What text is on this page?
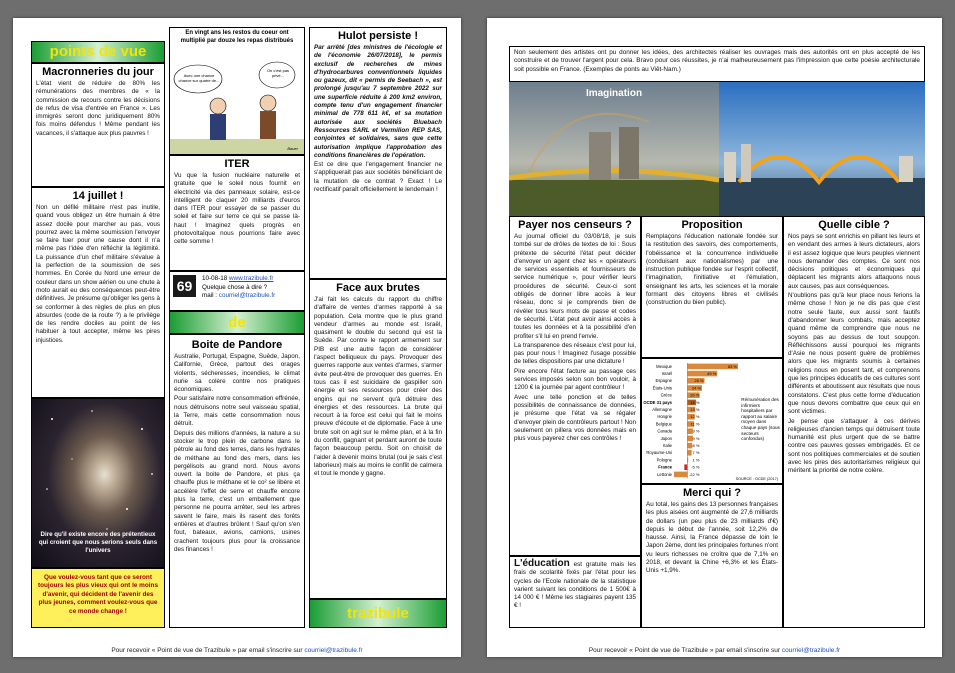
points de vue
Macronneries du jour
L'état vient de réduire de 80% les rémunérations des membres de « la commission de recours contre les décisions de refus de visa d'entrée en France ». Les immigrés seront donc juridiquement 80% fois moins défendus ! Même pendant les vacances, il s'attaque aux plus pauvres !
14 juillet !
Non un défilé militaire n'est pas inutile, quand vous obligez un être humain à être assez docile pour marcher au pas, vous pourrez avec la même soumission l'envoyer se faire tuer pour une cause dont il n'a même pas l'idée d'en réfléchir la légitimité. La puissance d'un chef militaire s'évalue à la perfection de la soumission de ses hommes. En Corée du Nord une erreur de couleur dans un show aérien ou une chute à moto aurait eu des conséquences peut-être définitives. Je présume qu'obliger les gens à se conformer à des règles de plus en plus absurdes (code de la route ?) a le privilège de les rendre dociles au point de les habituer à tout accepter, même les pires injustices.
Dire qu'il existe encore des prétentieux qui croient que nous serions seuls dans l'univers
Que voulez-vous tant que ce seront toujours les plus vieux qui ont le moins d'avenir, qui décident de l'avenir des plus jeunes, comment voulez-vous que ce monde change !
En vingt ans les restos du coeur ont multiplié par douze les repas distribués
Avec une chance chance sur quatre de...
On c'est pas privé...
Bauer
ITER
Vu que la fusion nucléaire naturelle et gratuite que le soleil nous fournit en électricité via des panneaux solaire, est-ce intelligent de claquer 20 milliards d'euros dans ITER pour essayer de se passer du soleil et faire sur terre ce qui se passe là-haut ! Imaginez quels progrès en photovoltaïque nous pourrions faire avec cette somme !
69	10-08-18 www.trazibule.fr
Quelque chose à dire ?
mail : courriel@trazibule.fr
de
Boite de Pandore

Australie, Portugal, Espagne, Suède, Japon, Californie, Grèce, partout des orages violents, sécheresses, incendies, le climat nurie sa colère contre nos pratiques économiques.

Pour satisfaire notre consommation effrénée, nous détruisons notre seul vaisseau spatial, la Terre, mais cette consommation nous détruit.

Depuis des millions d'années, la nature a su stocker le trop plein de carbone dans le pétrole au fond des terres, dans les hydrates de méthane au fond des mers, dans les pergélisols au grand nord. Nous avons ouvert la boite de Pandore, et plus ça chauffe plus le méthane et le co² se libère et accélère l'effet de serre et chauffe encore plus la terre, c'est un emballement que personne ne pourra arrêter, seul les arbres savent le faire, mais ils rasent des forêts entières et d'autres brûlent ! Sauf qu'on s'en fout, bateaux, avions, camions, usines crachent toujours plus pour la croissance des finances !

Hulot persiste !

Par arrêté [des ministres de l'écologie et de l'économie 26/07/2018], le permis exclusif de recherches de mines d'hydrocarbures conventionnels liquides ou gazeux, dit « permis de Seebach », est prolongé jusqu'au 7 septembre 2022 sur une superficie réduite à 200 km2 environ, compte tenu d'un engagement financier minimal de 778 611 k€, et sa mutation autorisée aux sociétés Bluebach Ressources SARL et Vermilion REP SAS, conjointes et solidaires, sans que cette autorisation implique l'approbation des conditions financières de l'opération.

Est ce dire que l'engagement financier ne s'appliquerait pas aux sociétés bénéficiant de la mutation de ce contrat ? Exact ! Le rectificatif paraît officiellement le lendemain !

Face aux brutes
J'ai fait les calculs du rapport du chiffre d'affaire de ventes d'armes rapporté à sa population. Cela montre que le plus grand vendeur d'armes au monde est Israël, quasiment le double du second qui est la Suède. Par contre le rapport armement sur PIB est une autre façon de considérer l'aspect belliqueux du pays. Provoquer des guerres rapporte aux ventes d'armes, s'armer évite peut-être de provoquer des guerres. En tous cas il est suicidaire de gaspiller son énergie et ses ressources pour créer des engins qui ne servent qu'à détruire des énergies et des ressources. La brute qui recourt à la force est celui qui fait le moins preuve d'écoute et de diplomatie. Face à une brute soit on agit sur le même plan, et à la fin du conflit, gagnant et perdant auront de toute façon beaucoup perdu. Soit on choisit de l'aider à devenir moins brutal (oui je sais c'est laborieux) mais au moins le conflit de calmera et tout le monde y gagne.
trazibule
Pour recevoir « Point de vue de Trazibule » par email s'inscrire sur courriel@trazibule.fr
Non seulement des artistes ont pu donner les idées, des architectes réaliser les ouvrages mais des autorités ont en plus accepté de les construire et de trouver l'argent pour cela. Bravo pour ces réussites, je n'ai malheureusement pas l'impression que cette poésie architecturale soit possible en France. (Exemples de ponts au Viêt-Nam.)
Imagination
Payer nos censeurs ?

Au journal officiel du 03/08/18, je suis tombé sur de drôles de textes de loi : Sous prétexte de sécurité l'état peut décider d'envoyer un agent chez les « opérateurs de services essentiels et fournisseurs de service numérique », pour vérifier leurs procédures de sécurité. Ceux-ci sont obligés de donner libre accès à leur réseau, donc si je comprends bien de révéler tous leurs mots de passe et codes de sécurité. L'état peut avoir ainsi accès à toutes les données et à la possibilité d'en profiter s'il lui en prend l'envie.

La transparence des réseaux c'est pour lui, pas pour nous ! Imaginez l'usage possible de telles dispositions par une dictature !

Pire encore l'état facture au passage ces services imposés selon son bon vouloir, à 1200 € la journée par agent contrôleur !

Avec une telle ponction et de telles possibilités de connaissance de données, je présume que l'état va se régaler d'envoyer plein de contrôleurs partout ! Non seulement on pillera vos données mais en plus vous payerez cher ces contrôles !

L'éducation est gratuite mais les frais de scolarité fixés par l'état pour les cycles de l'Ecole nationale de la statistique varient suivant les conditions de 1 500€ à 14 000 € ! Même les stagiaires payent 135 € !
Proposition
Remplaçons l'éducation nationale fondée sur la restitution des savoirs, des comportements, l'obéissance et la concurrence individuelle (conduisant aux nationalismes) par une instruction publique fondée sur l'esprit collectif, l'imagination, l'initiative et l'émulation, enseignant les arts, les sciences et la morale formant des citoyens libres et civilisés (construction du bien public).
Mexique	83 %
Israël	49 %
Espagne	28 %
États-Unis	24 %
Grèce	20 %
OCDE 31 pays	14 %
Allemagne	13 %
Hongrie	12 %
Belgique	11 %
Canada	9 %
Japon	9 %
Italie	8 %
Royaume-Uni	7 %
Pologne	1 %
France	-5 %
Lettonie	-22 %
Rémunération des infirmiers hospitaliers par rapport au salaire moyen dans chaque pays (sous secteurs confondus)
SOURCE : OCDE (2017)
Merci qui ?
Au total, les gains des 13 personnes françaises les plus aisées ont augmenté de 27,6 milliards de dollars (un peu plus de 23 milliards d'€) depuis le début de l'année, soit 12,2% de hausse. Ainsi, la France dépasse de loin le Japon 2ème, dont les principales fortunes n'ont vu leurs richesses ne croître que de 7,1% en 2018, et devant la Chine +6,3% et les États-Unis +1,9%.
Quelle cible ?

Nos pays se sont enrichis en pillant les leurs et en vendant des armes à leurs dictateurs, alors il est assez logique que leurs peuples viennent nous demander des comptes. Ce sont nos décisions politiques et économiques qui déplacent les migrants alors attaquons nous aux causes, pas aux conséquences.

N'oublions pas qu'à leur place nous ferions la même chose ! Non je ne dis pas que c'est notre seule faute, eux aussi sont fautifs d'abandonner leurs combats, mais acceptez quand même de comprendre que nous ne soyons pas au dessus de tout soupçon. Réfléchissons aussi pourquoi les migrants d'Asie ne nous posent guère de problèmes alors que les migrants soumis à certaines religions nous en posent tant, et comprenons que les principes éducatifs de ces cultures sont différents et aboutissent aux résultats que nous constatons. C'est plus cette forme d'éducation que nous devons combattre que ceux qui en sont victimes.

Je pense que s'attaquer à ces dérives religieuses d'ancien temps qui détruisent toute humanité est plus urgent que de se battre contre ces pauvres gosses embrigadés. Et ce sont nos politiques commerciales et de soutien avec les pires des autoritarismes religieux qui méritent la priorité de notre colère.

Pour recevoir « Point de vue de Trazibule » par email s'inscrire sur courriel@trazibule.fr
